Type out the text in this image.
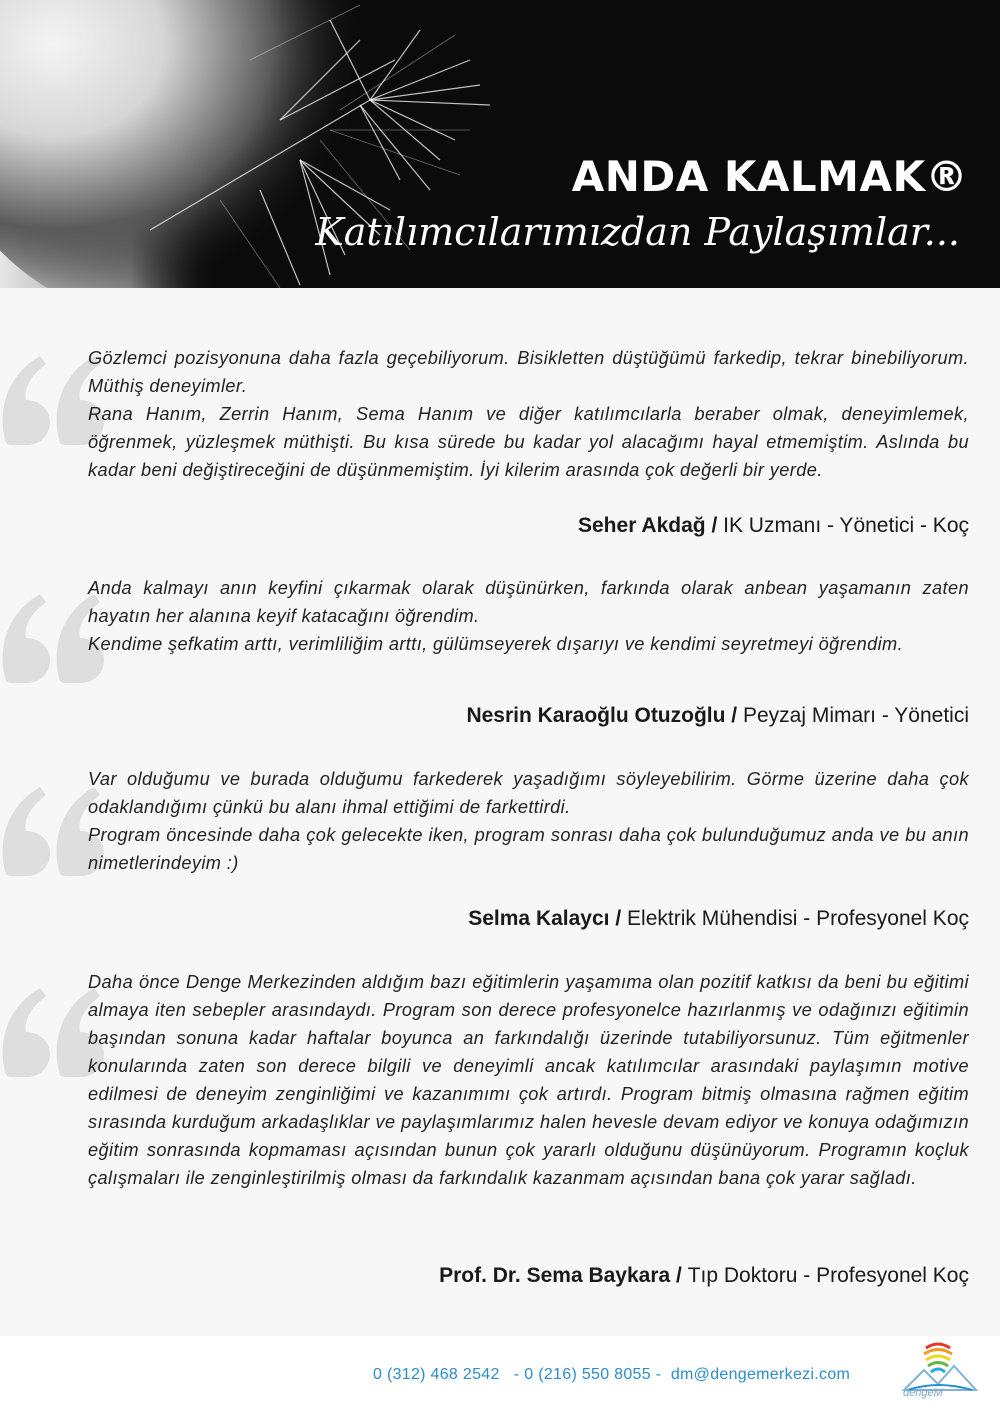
ANDA KALMAK®
Katılımcılarımızdan Paylaşımlar...

Gözlemci pozisyonuna daha fazla geçebiliyorum. Bisikletten düştüğümü farkedip, tekrar binebiliyorum. Müthiş deneyimler.

Rana Hanım, Zerrin Hanım, Sema Hanım ve diğer katılımcılarla beraber olmak, deneyimlemek, öğrenmek, yüzleşmek müthişti. Bu kısa sürede bu kadar yol alacağımı hayal etmemiştim. Aslında bu kadar beni değiştireceğini de düşünmemiştim. İyi kilerim arasında çok değerli bir yerde.

Seher Akdağ / IK Uzmanı - Yönetici - Koç

Anda kalmayı anın keyfini çıkarmak olarak düşünürken, farkında olarak anbean yaşamanın zaten hayatın her alanına keyif katacağını öğrendim.

Kendime şefkatim arttı, verimliliğim arttı, gülümseyerek dışarıyı ve kendimi seyretmeyi öğrendim.

Nesrin Karaoğlu Otuzoğlu / Peyzaj Mimarı - Yönetici

Var olduğumu ve burada olduğumu farkederek yaşadığımı söyleyebilirim. Görme üzerine daha çok odaklandığımı çünkü bu alanı ihmal ettiğimi de farkettirdi.

Program öncesinde daha çok gelecekte iken, program sonrası daha çok bulunduğumuz anda ve bu anın nimetlerindeyim :)

Selma Kalaycı / Elektrik Mühendisi - Profesyonel Koç

Daha önce Denge Merkezinden aldığım bazı eğitimlerin yaşamıma olan pozitif katkısı da beni bu eğitimi almaya iten sebepler arasındaydı. Program son derece profesyonelce hazırlanmış ve odağınızı eğitimin başından sonuna kadar haftalar boyunca an farkındalığı üzerinde tutabiliyorsunuz. Tüm eğitmenler konularında zaten son derece bilgili ve deneyimli ancak katılımcılar arasındaki paylaşımın motive edilmesi de deneyim zenginliğimi ve kazanımımı çok artırdı. Program bitmiş olmasına rağmen eğitim sırasında kurduğum arkadaşlıklar ve paylaşımlarımız halen hevesle devam ediyor ve konuya odağımızın eğitim sonrasında kopmaması açısından bunun çok yararlı olduğunu düşünüyorum. Programın koçluk çalışmaları ile zenginleştirilmiş olması da farkındalık kazanmam açısından bana çok yarar sağladı.

Prof. Dr. Sema Baykara / Tıp Doktoru - Profesyonel Koç
0 (312) 468 2542   - 0 (216) 550 8055 -  dm@dengemerkezi.com
dengeM
